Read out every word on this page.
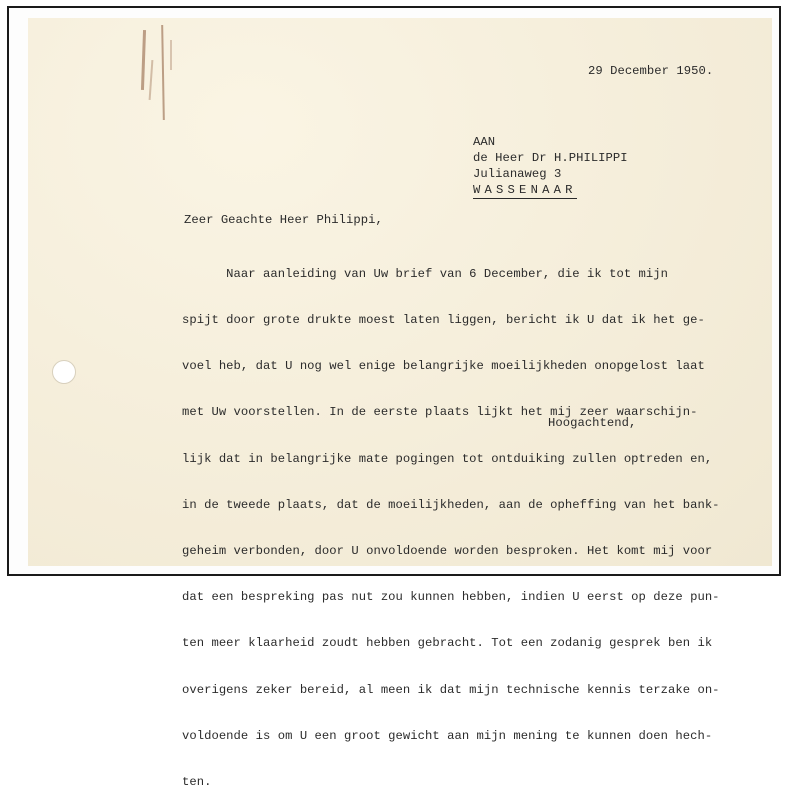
29 December 1950.
AAN
de Heer Dr H.PHILIPPI
Julianaweg 3
WASSENAAR
Zeer Geachte Heer Philippi,

Naar aanleiding van Uw brief van 6 December, die ik tot mijn

spijt door grote drukte moest laten liggen, bericht ik U dat ik het ge-

voel heb, dat U nog wel enige belangrijke moeilijkheden onopgelost laat

met Uw voorstellen. In de eerste plaats lijkt het mij zeer waarschijn-

lijk dat in belangrijke mate pogingen tot ontduiking zullen optreden en,

in de tweede plaats, dat de moeilijkheden, aan de opheffing van het bank-

geheim verbonden, door U onvoldoende worden besproken. Het komt mij voor

dat een bespreking pas nut zou kunnen hebben, indien U eerst op deze pun-

ten meer klaarheid zoudt hebben gebracht. Tot een zodanig gesprek ben ik

overigens zeker bereid, al meen ik dat mijn technische kennis terzake on-

voldoende is om U een groot gewicht aan mijn mening te kunnen doen hech-

ten.

Hoogachtend,
